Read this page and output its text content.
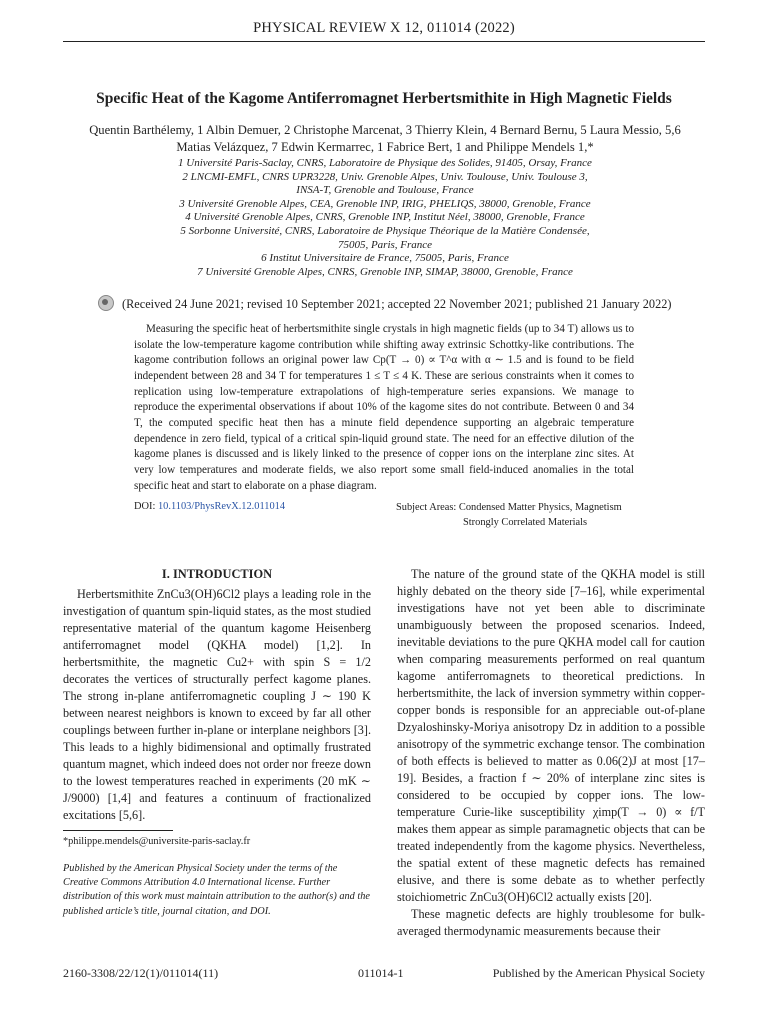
PHYSICAL REVIEW X 12, 011014 (2022)
Specific Heat of the Kagome Antiferromagnet Herbertsmithite in High Magnetic Fields
Quentin Barthélemy, 1 Albin Demuer, 2 Christophe Marcenat, 3 Thierry Klein, 4 Bernard Bernu, 5 Laura Messio, 5,6
Matias Velázquez, 7 Edwin Kermarrec, 1 Fabrice Bert, 1 and Philippe Mendels 1,*
1 Université Paris-Saclay, CNRS, Laboratoire de Physique des Solides, 91405, Orsay, France
2 LNCMI-EMFL, CNRS UPR3228, Univ. Grenoble Alpes, Univ. Toulouse, Univ. Toulouse 3,
INSA-T, Grenoble and Toulouse, France
3 Université Grenoble Alpes, CEA, Grenoble INP, IRIG, PHELIQS, 38000, Grenoble, France
4 Université Grenoble Alpes, CNRS, Grenoble INP, Institut Néel, 38000, Grenoble, France
5 Sorbonne Université, CNRS, Laboratoire de Physique Théorique de la Matière Condensée,
75005, Paris, France
6 Institut Universitaire de France, 75005, Paris, France
7 Université Grenoble Alpes, CNRS, Grenoble INP, SIMAP, 38000, Grenoble, France
(Received 24 June 2021; revised 10 September 2021; accepted 22 November 2021; published 21 January 2022)
Measuring the specific heat of herbertsmithite single crystals in high magnetic fields (up to 34 T) allows us to isolate the low-temperature kagome contribution while shifting away extrinsic Schottky-like contributions. The kagome contribution follows an original power law Cp(T → 0) ∝ T^α with α ∼ 1.5 and is found to be field independent between 28 and 34 T for temperatures 1 ≤ T ≤ 4 K. These are serious constraints when it comes to replication using low-temperature extrapolations of high-temperature series expansions. We manage to reproduce the experimental observations if about 10% of the kagome sites do not contribute. Between 0 and 34 T, the computed specific heat then has a minute field dependence supporting an algebraic temperature dependence in zero field, typical of a critical spin-liquid ground state. The need for an effective dilution of the kagome planes is discussed and is likely linked to the presence of copper ions on the interplane zinc sites. At very low temperatures and moderate fields, we also report some small field-induced anomalies in the total specific heat and start to elaborate on a phase diagram.
DOI: 10.1103/PhysRevX.12.011014	Subject Areas: Condensed Matter Physics, Magnetism
Strongly Correlated Materials
I. INTRODUCTION

Herbertsmithite ZnCu3(OH)6Cl2 plays a leading role in the investigation of quantum spin-liquid states, as the most studied representative material of the quantum kagome Heisenberg antiferromagnet model (QKHA model) [1,2]. In herbertsmithite, the magnetic Cu2+ with spin S = 1/2 decorates the vertices of structurally perfect kagome planes. The strong in-plane antiferromagnetic coupling J ∼ 190 K between nearest neighbors is known to exceed by far all other couplings between further in-plane or interplane neighbors [3]. This leads to a highly bidimensional and optimally frustrated quantum magnet, which indeed does not order nor freeze down to the lowest temperatures reached in experiments (20 mK ∼ J/9000) [1,4] and features a continuum of fractionalized excitations [5,6].

*philippe.mendels@universite-paris-saclay.fr
Published by the American Physical Society under the terms of the Creative Commons Attribution 4.0 International license. Further distribution of this work must maintain attribution to the author(s) and the published article’s title, journal citation, and DOI.

The nature of the ground state of the QKHA model is still highly debated on the theory side [7–16], while experimental investigations have not yet been able to discriminate unambiguously between the proposed scenarios. Indeed, inevitable deviations to the pure QKHA model call for caution when comparing measurements performed on real quantum kagome antiferromagnets to theoretical predictions. In herbertsmithite, the lack of inversion symmetry within copper-copper bonds is responsible for an appreciable out-of-plane Dzyaloshinsky-Moriya anisotropy Dz in addition to a possible anisotropy of the symmetric exchange tensor. The combination of both effects is believed to matter as 0.06(2)J at most [17–19]. Besides, a fraction f ∼ 20% of interplane zinc sites is considered to be occupied by copper ions. The low-temperature Curie-like susceptibility χimp(T → 0) ∝ f/T makes them appear as simple paramagnetic objects that can be treated independently from the kagome physics. Nevertheless, the spatial extent of these magnetic defects has remained elusive, and there is some debate as to whether perfectly stoichiometric ZnCu3(OH)6Cl2 actually exists [20].

These magnetic defects are highly troublesome for bulk-averaged thermodynamic measurements because their

2160-3308/22/12(1)/011014(11)	011014-1	Published by the American Physical Society
